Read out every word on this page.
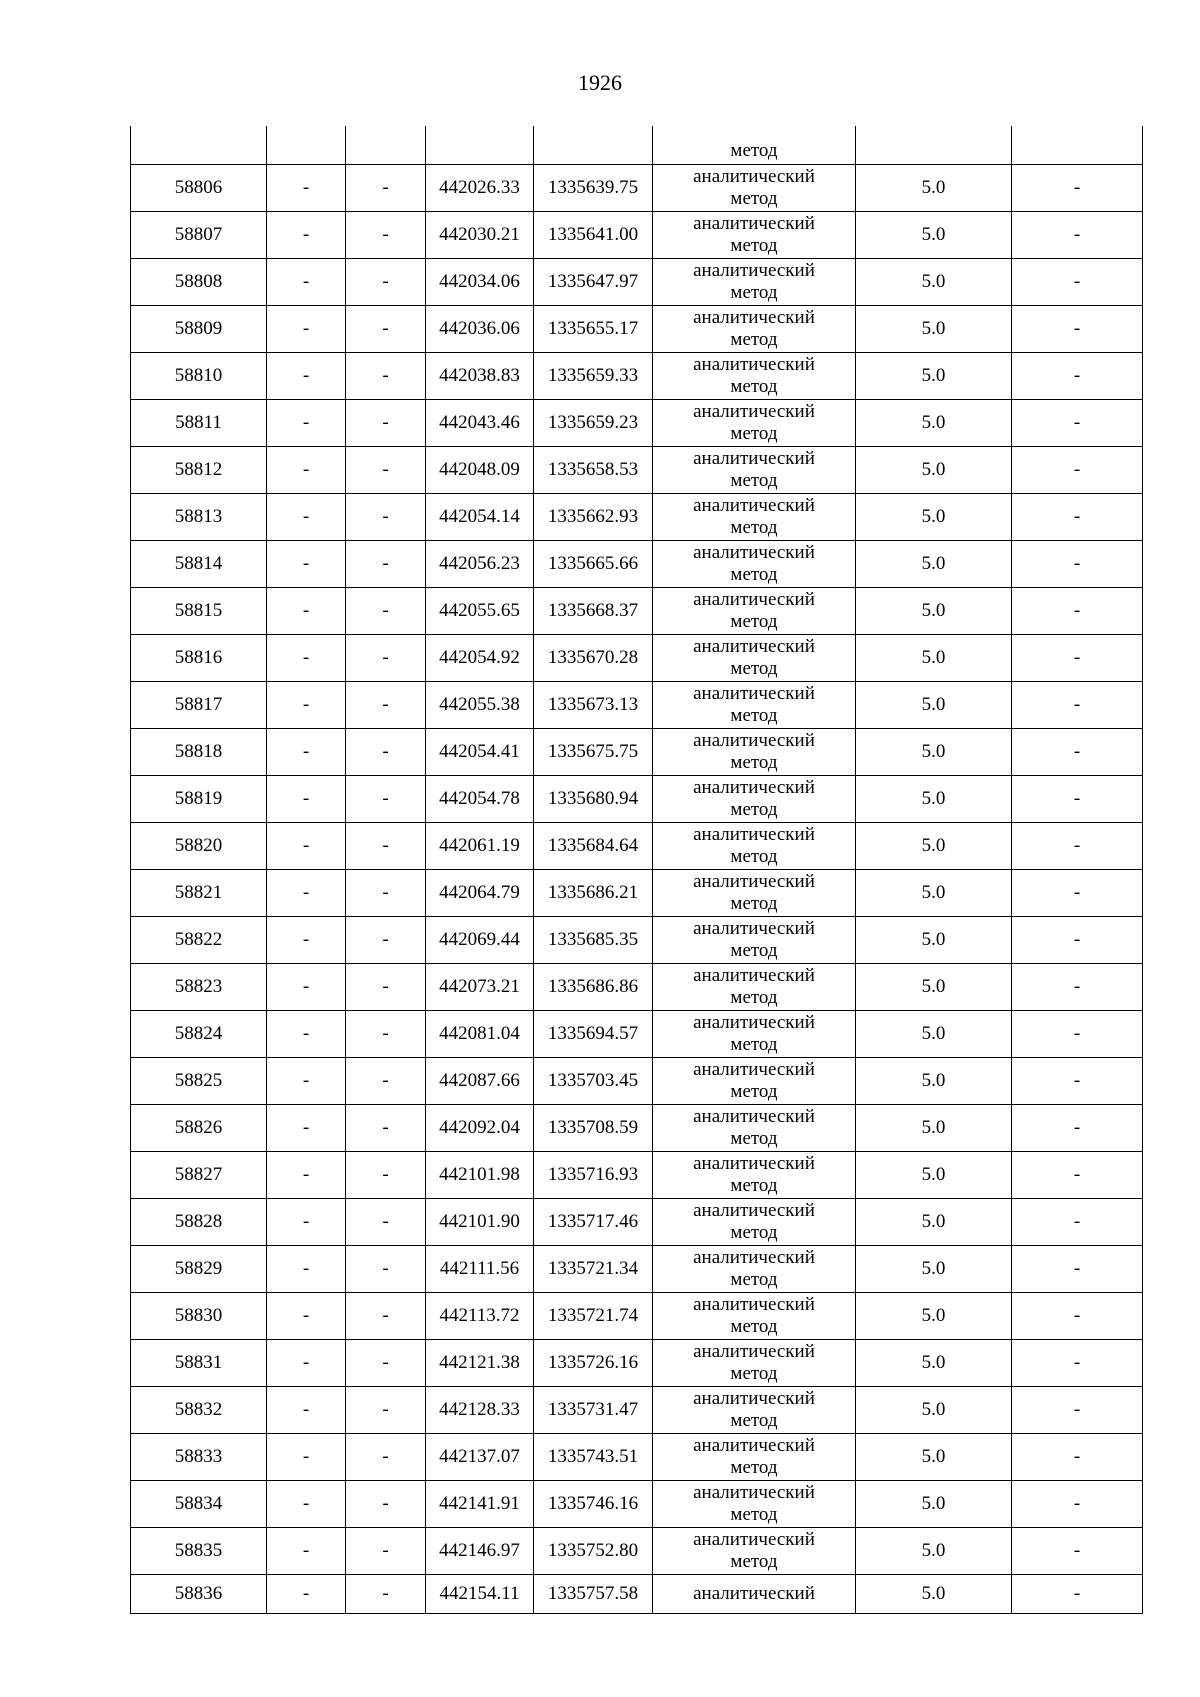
1926

					метод		

58806	-	-	442026.33	1335639.75	аналитический
метод	5.0	-
58807	-	-	442030.21	1335641.00	аналитический
метод	5.0	-
58808	-	-	442034.06	1335647.97	аналитический
метод	5.0	-
58809	-	-	442036.06	1335655.17	аналитический
метод	5.0	-
58810	-	-	442038.83	1335659.33	аналитический
метод	5.0	-
58811	-	-	442043.46	1335659.23	аналитический
метод	5.0	-
58812	-	-	442048.09	1335658.53	аналитический
метод	5.0	-
58813	-	-	442054.14	1335662.93	аналитический
метод	5.0	-
58814	-	-	442056.23	1335665.66	аналитический
метод	5.0	-
58815	-	-	442055.65	1335668.37	аналитический
метод	5.0	-
58816	-	-	442054.92	1335670.28	аналитический
метод	5.0	-
58817	-	-	442055.38	1335673.13	аналитический
метод	5.0	-
58818	-	-	442054.41	1335675.75	аналитический
метод	5.0	-
58819	-	-	442054.78	1335680.94	аналитический
метод	5.0	-
58820	-	-	442061.19	1335684.64	аналитический
метод	5.0	-
58821	-	-	442064.79	1335686.21	аналитический
метод	5.0	-
58822	-	-	442069.44	1335685.35	аналитический
метод	5.0	-
58823	-	-	442073.21	1335686.86	аналитический
метод	5.0	-
58824	-	-	442081.04	1335694.57	аналитический
метод	5.0	-
58825	-	-	442087.66	1335703.45	аналитический
метод	5.0	-
58826	-	-	442092.04	1335708.59	аналитический
метод	5.0	-
58827	-	-	442101.98	1335716.93	аналитический
метод	5.0	-
58828	-	-	442101.90	1335717.46	аналитический
метод	5.0	-
58829	-	-	442111.56	1335721.34	аналитический
метод	5.0	-
58830	-	-	442113.72	1335721.74	аналитический
метод	5.0	-
58831	-	-	442121.38	1335726.16	аналитический
метод	5.0	-
58832	-	-	442128.33	1335731.47	аналитический
метод	5.0	-
58833	-	-	442137.07	1335743.51	аналитический
метод	5.0	-
58834	-	-	442141.91	1335746.16	аналитический
метод	5.0	-
58835	-	-	442146.97	1335752.80	аналитический
метод	5.0	-
58836	-	-	442154.11	1335757.58	аналитический	5.0	-
